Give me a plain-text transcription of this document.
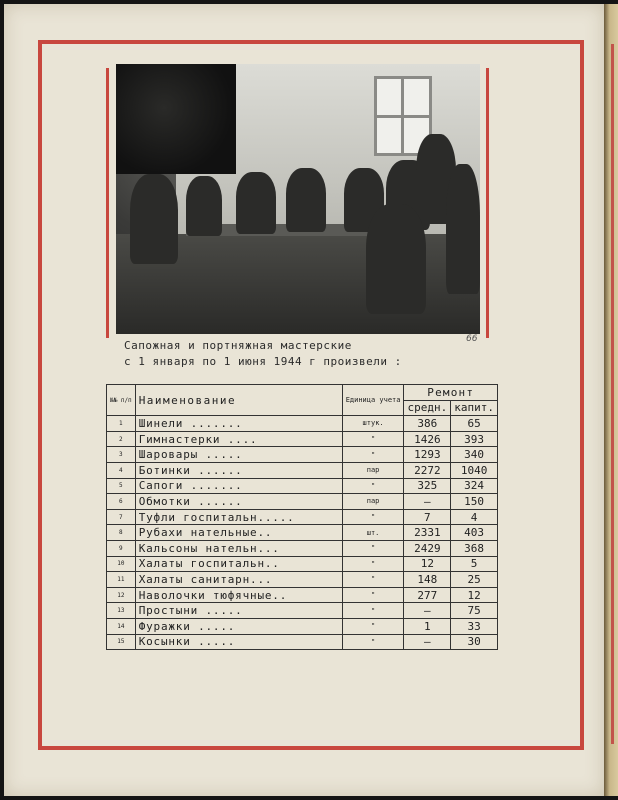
66
Сапожная и портняжная мастерские
с 1 января по 1 июня 1944 г произвели :
№№ п/п	Наименование	Единица учета	Ремонт	
			средн.	капит.
1	Шинели .......	штук.	386	65
2	Гимнастерки ....	"	1426	393
3	Шаровары .....	"	1293	340
4	Ботинки ......	пар	2272	1040
5	Сапоги .......	"	325	324
6	Обмотки ......	пар	–	150
7	Туфли госпитальн.....	"	7	4
8	Рубахи нательные..	шт.	2331	403
9	Кальсоны нательн...	"	2429	368
10	Халаты госпитальн..	"	12	5
11	Халаты санитарн...	"	148	25
12	Наволочки тюфячные..	"	277	12
13	Простыни .....	"	–	75
14	Фуражки .....	"	1	33
15	Косынки .....	"	–	30
